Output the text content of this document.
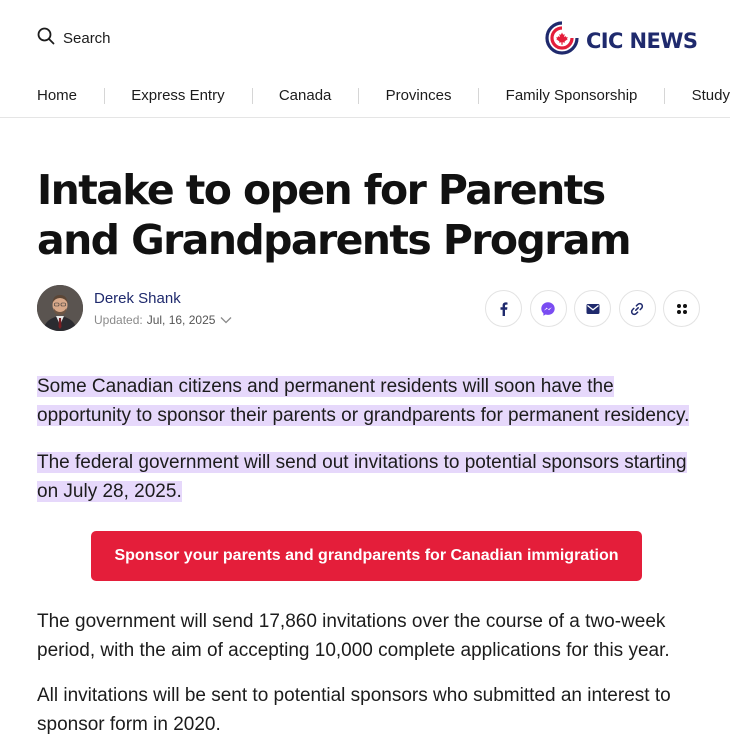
Search	CIC NEWS
Home	Express Entry	Canada	Provinces	Family Sponsorship	Study
Intake to open for Parents and Grandparents Program
Derek Shank
Updated: Jul, 16, 2025

Some Canadian citizens and permanent residents will soon have the opportunity to sponsor their parents or grandparents for permanent residency.

The federal government will send out invitations to potential sponsors starting on July 28, 2025.

Sponsor your parents and grandparents for Canadian immigration

The government will send 17,860 invitations over the course of a two-week period, with the aim of accepting 10,000 complete applications for this year.

All invitations will be sent to potential sponsors who submitted an interest to sponsor form in 2020.
